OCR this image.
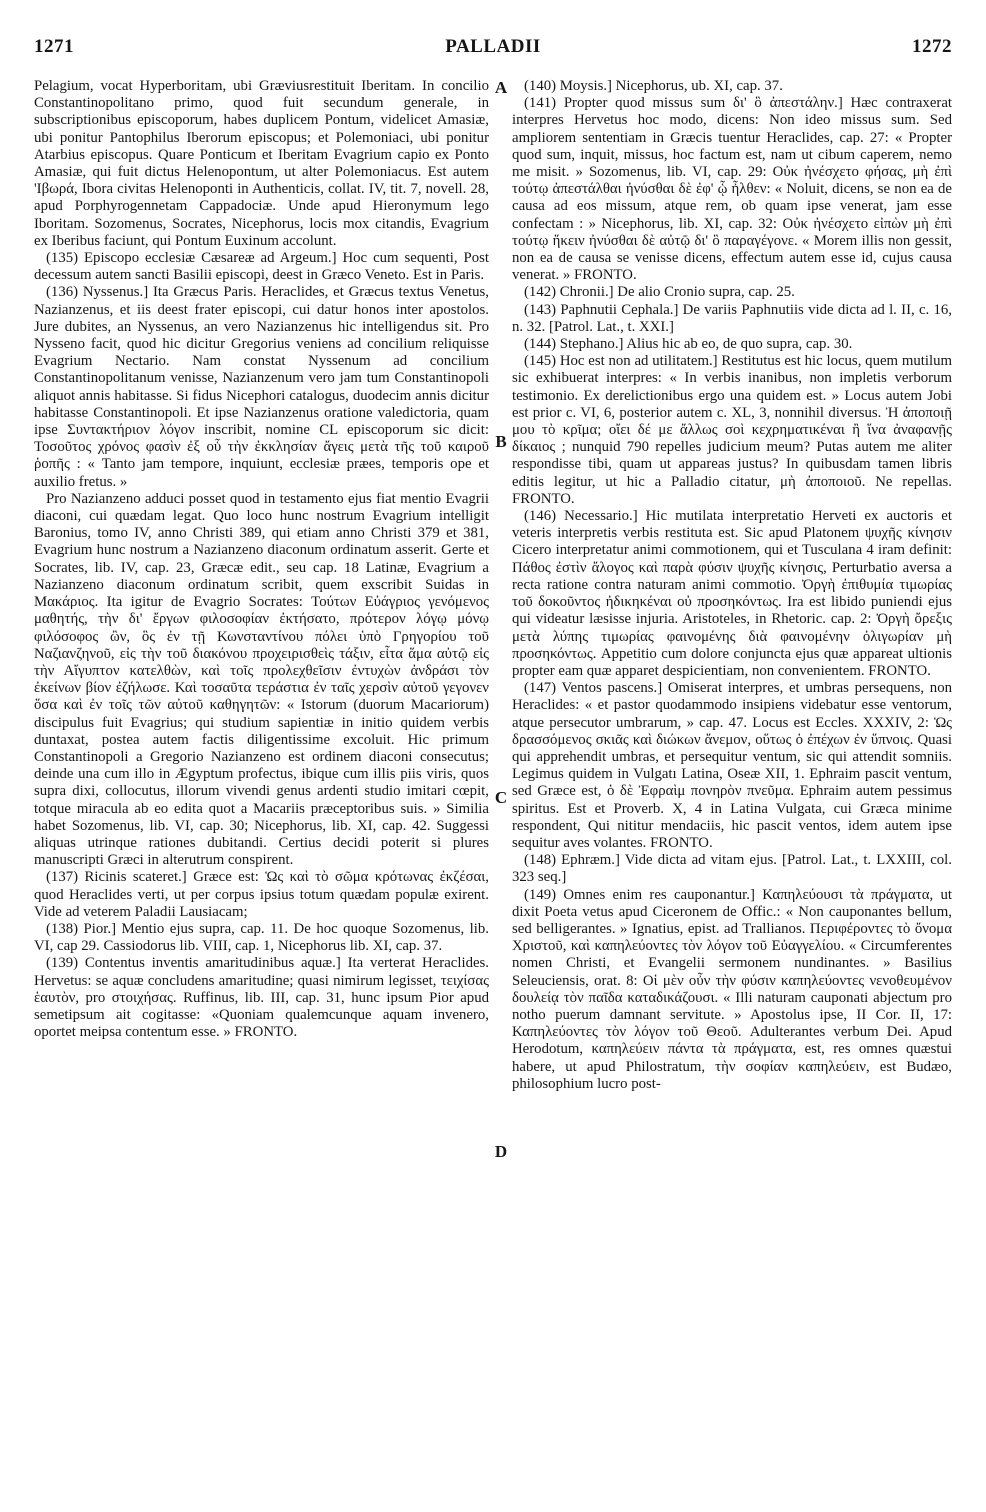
1271	PALLADII	1272

Pelagium, vocat Hyperboritam, ubi Græviusrestituit Iberitam. In concilio Constantinopolitano primo, quod fuit secundum generale, in subscriptionibus episcoporum, habes duplicem Pontum, videlicet Amasiæ, ubi ponitur Pantophilus Iberorum episcopus; et Polemoniaci, ubi ponitur Atarbius episcopus. Quare Ponticum et Iberitam Evagrium capio ex Ponto Amasiæ, qui fuit dictus Helenopontum, ut alter Polemoniacus. Est autem 'Ιβωρά, Ibora civitas Helenoponti in Authenticis, collat. IV, tit. 7, novell. 28, apud Porphyrogennetam Cappadociæ. Unde apud Hieronymum lego Iboritam. Sozomenus, Socrates, Nicephorus, locis mox citandis, Evagrium ex Iberibus faciunt, qui Pontum Euxinum accolunt.

(135) Episcopo ecclesiæ Cæsareæ ad Argeum.] Hoc cum sequenti, Post decessum autem sancti Basilii episcopi, deest in Græco Veneto. Est in Paris.

(136) Nyssenus.] Ita Græcus Paris. Heraclides, et Græcus textus Venetus, Nazianzenus, et iis deest frater episcopi, cui datur honos inter apostolos. Jure dubites, an Nyssenus, an vero Nazianzenus hic intelligendus sit. Pro Nysseno facit, quod hic dicitur Gregorius veniens ad concilium reliquisse Evagrium Nectario. Nam constat Nyssenum ad concilium Constantinopolitanum venisse, Nazianzenum vero jam tum Constantinopoli aliquot annis habitasse. Si fidus Nicephori catalogus, duodecim annis dicitur habitasse Constantinopoli. Et ipse Nazianzenus oratione valedictoria, quam ipse Συντακτήριον λόγον inscribit, nomine CL episcoporum sic dicit: Τοσοῦτος χρόνος φασὶν ἐξ οὗ τὴν ἐκκλησίαν ἄγεις μετὰ τῆς τοῦ καιροῦ ῥοπῆς : « Tanto jam tempore, inquiunt, ecclesiæ præes, temporis ope et auxilio fretus. »

Pro Nazianzeno adduci posset quod in testamento ejus fiat mentio Evagrii diaconi, cui quædam legat. Quo loco hunc nostrum Evagrium intelligit Baronius, tomo IV, anno Christi 389, qui etiam anno Christi 379 et 381, Evagrium hunc nostrum a Nazianzeno diaconum ordinatum asserit. Gerte et Socrates, lib. IV, cap. 23, Græcæ edit., seu cap. 18 Latinæ, Evagrium a Nazianzeno diaconum ordinatum scribit, quem exscribit Suidas in Μακάριος. Ita igitur de Evagrio Socrates: Τούτων Εὐάγριος γενόμενος μαθητής, τὴν δι' ἔργων φιλοσοφίαν ἐκτήσατο, πρότερον λόγῳ μόνῳ φιλόσοφος ὢν, ὃς ἐν τῇ Κωνσταντίνου πόλει ὑπὸ Γρηγορίου τοῦ Ναζιανζηνοῦ, εἰς τὴν τοῦ διακόνου προχειρισθεὶς τάξιν, εἶτα ἅμα αὐτῷ εἰς τὴν Αἴγυπτον κατελθὼν, καὶ τοῖς προλεχθεῖσιν ἐντυχὼν ἀνδράσι τὸν ἐκείνων βίον ἐζήλωσε. Καὶ τοσαῦτα τεράστια ἐν ταῖς χερσὶν αὐτοῦ γεγονεν ὅσα καὶ ἐν τοῖς τῶν αὐτοῦ καθηγητῶν: « Istorum (duorum Macariorum) discipulus fuit Evagrius; qui studium sapientiæ in initio quidem verbis duntaxat, postea autem factis diligentissime excoluit. Hic primum Constantinopoli a Gregorio Nazianzeno est ordinem diaconi consecutus; deinde una cum illo in Ægyptum profectus, ibique cum illis piis viris, quos supra dixi, collocutus, illorum vivendi genus ardenti studio imitari cœpit, totque miracula ab eo edita quot a Macariis præceptoribus suis. » Similia habet Sozomenus, lib. VI, cap. 30; Nicephorus, lib. XI, cap. 42. Suggessi aliquas utrinque rationes dubitandi. Certius decidi poterit si plures manuscripti Græci in alterutrum conspirent.

(137) Ricinis scateret.] Græce est: Ὡς καὶ τὸ σῶμα κρότωνας ἐκζέσαι, quod Heraclides verti, ut per corpus ipsius totum quædam populæ exirent. Vide ad veterem Paladii Lausiacam;

(138) Pior.] Mentio ejus supra, cap. 11. De hoc quoque Sozomenus, lib. VI, cap 29. Cassiodorus lib. VIII, cap. 1, Nicephorus lib. XI, cap. 37.

(139) Contentus inventis amaritudinibus aquæ.] Ita verterat Heraclides. Hervetus: se aquæ concludens amaritudine; quasi nimirum legisset, τειχίσας ἑαυτὸν, pro στοιχήσας. Ruffinus, lib. III, cap. 31, hunc ipsum Pior apud semetipsum ait cogitasse: «Quoniam qualemcunque aquam invenero, oportet meipsa contentum esse. » FRONTO.

A
B
C
D

(140) Moysis.] Nicephorus, ub. XI, cap. 37.

(141) Propter quod missus sum δι' ὃ ἀπεστάλην.] Hæc contraxerat interpres Hervetus hoc modo, dicens: Non ideo missus sum. Sed ampliorem sententiam in Græcis tuentur Heraclides, cap. 27: « Propter quod sum, inquit, missus, hoc factum est, nam ut cibum caperem, nemo me misit. » Sozomenus, lib. VI, cap. 29: Οὐκ ἠνέσχετο φήσας, μὴ ἐπὶ τούτῳ ἀπεστάλθαι ἠνύσθαι δὲ ἐφ' ᾧ ἦλθεν: « Noluit, dicens, se non ea de causa ad eos missum, atque rem, ob quam ipse venerat, jam esse confectam : » Nicephorus, lib. XI, cap. 32: Οὐκ ἠνέσχετο εἰπὼν μὴ ἐπὶ τούτῳ ἥκειν ἠνύσθαι δὲ αὐτῷ δι' ὃ παραγέγονε. « Morem illis non gessit, non ea de causa se venisse dicens, effectum autem esse id, cujus causa venerat. » FRONTO.

(142) Chronii.] De alio Cronio supra, cap. 25.

(143) Paphnutii Cephala.] De variis Paphnutiis vide dicta ad l. II, c. 16, n. 32. [Patrol. Lat., t. XXI.]

(144) Stephano.] Alius hic ab eo, de quo supra, cap. 30.

(145) Hoc est non ad utilitatem.] Restitutus est hic locus, quem mutilum sic exhibuerat interpres: « In verbis inanibus, non impletis verborum testimonio. Ex derelictionibus ergo una quidem est. » Locus autem Jobi est prior c. VI, 6, posterior autem c. XL, 3, nonnihil diversus. Ἠ ἀποποιῇ μου τὸ κρῖμα; οἴει δέ με ἄλλως σοὶ κεχρηματικέναι ἢ ἵνα ἀναφανῇς δίκαιος ; nunquid 790 repelles judicium meum? Putas autem me aliter respondisse tibi, quam ut appareas justus? In quibusdam tamen libris editis legitur, ut hic a Palladio citatur, μὴ ἀποποιοῦ. Ne repellas. FRONTO.

(146) Necessario.] Hic mutilata interpretatio Herveti ex auctoris et veteris interpretis verbis restituta est. Sic apud Platonem ψυχῆς κίνησιν Cicero interpretatur animi commotionem, qui et Tusculana 4 iram definit: Πάθος ἐστὶν ἄλογος καὶ παρὰ φύσιν ψυχῆς κίνησις, Perturbatio aversa a recta ratione contra naturam animi commotio. Ὀργὴ ἐπιθυμία τιμωρίας τοῦ δοκοῦντος ἠδικηκέναι οὐ προσηκόντως. Ira est libido puniendi ejus qui videatur læsisse injuria. Aristoteles, in Rhetoric. cap. 2: Ὀργὴ ὄρεξις μετὰ λύπης τιμωρίας φαινομένης διὰ φαινομένην ὀλιγωρίαν μὴ προσηκόντως. Appetitio cum dolore conjuncta ejus quæ appareat ultionis propter eam quæ apparet despicientiam, non convenientem. FRONTO.

(147) Ventos pascens.] Omiserat interpres, et umbras persequens, non Heraclides: « et pastor quodammodo insipiens videbatur esse ventorum, atque persecutor umbrarum, » cap. 47. Locus est Eccles. XXXIV, 2: Ὡς δρασσόμενος σκιᾶς καὶ διώκων ἄνεμον, οὕτως ὁ ἐπέχων ἐν ὕπνοις. Quasi qui apprehendit umbras, et persequitur ventum, sic qui attendit somniis. Legimus quidem in Vulgatı Latina, Oseæ XII, 1. Ephraim pascit ventum, sed Græce est, ὁ δὲ Ἐφραὶμ πονηρὸν πνεῦμα. Ephraim autem pessimus spiritus. Est et Proverb. X, 4 in Latina Vulgata, cui Græca minime respondent, Qui nititur mendaciis, hic pascit ventos, idem autem ipse sequitur aves volantes. FRONTO.

(148) Ephræm.] Vide dicta ad vitam ejus. [Patrol. Lat., t. LXXIII, col. 323 seq.]

(149) Omnes enim res cauponantur.] Καπηλεύουσι τὰ πράγματα, ut dixit Poeta vetus apud Ciceronem de Offic.: « Non cauponantes bellum, sed belligerantes. » Ignatius, epist. ad Trallianos. Περιφέροντες τὸ ὄνομα Χριστοῦ, καὶ καπηλεύοντες τὸν λόγον τοῦ Εὐαγγελίου. « Circumferentes nomen Christi, et Evangelii sermonem nundinantes. » Basilius Seleuciensis, orat. 8: Οἱ μὲν οὖν τὴν φύσιν καπηλεύοντες νενοθευμένον δουλείᾳ τὸν παῖδα καταδικάζουσι. « Illi naturam cauponati abjectum pro notho puerum damnant servitute. » Apostolus ipse, II Cor. II, 17: Καπηλεύοντες τὸν λόγον τοῦ Θεοῦ. Adulterantes verbum Dei. Apud Herodotum, καπηλεύειν πάντα τὰ πράγματα, est, res omnes quæstui habere, ut apud Philostratum, τὴν σοφίαν καπηλεύειν, est Budæo, philosophium lucro post-
